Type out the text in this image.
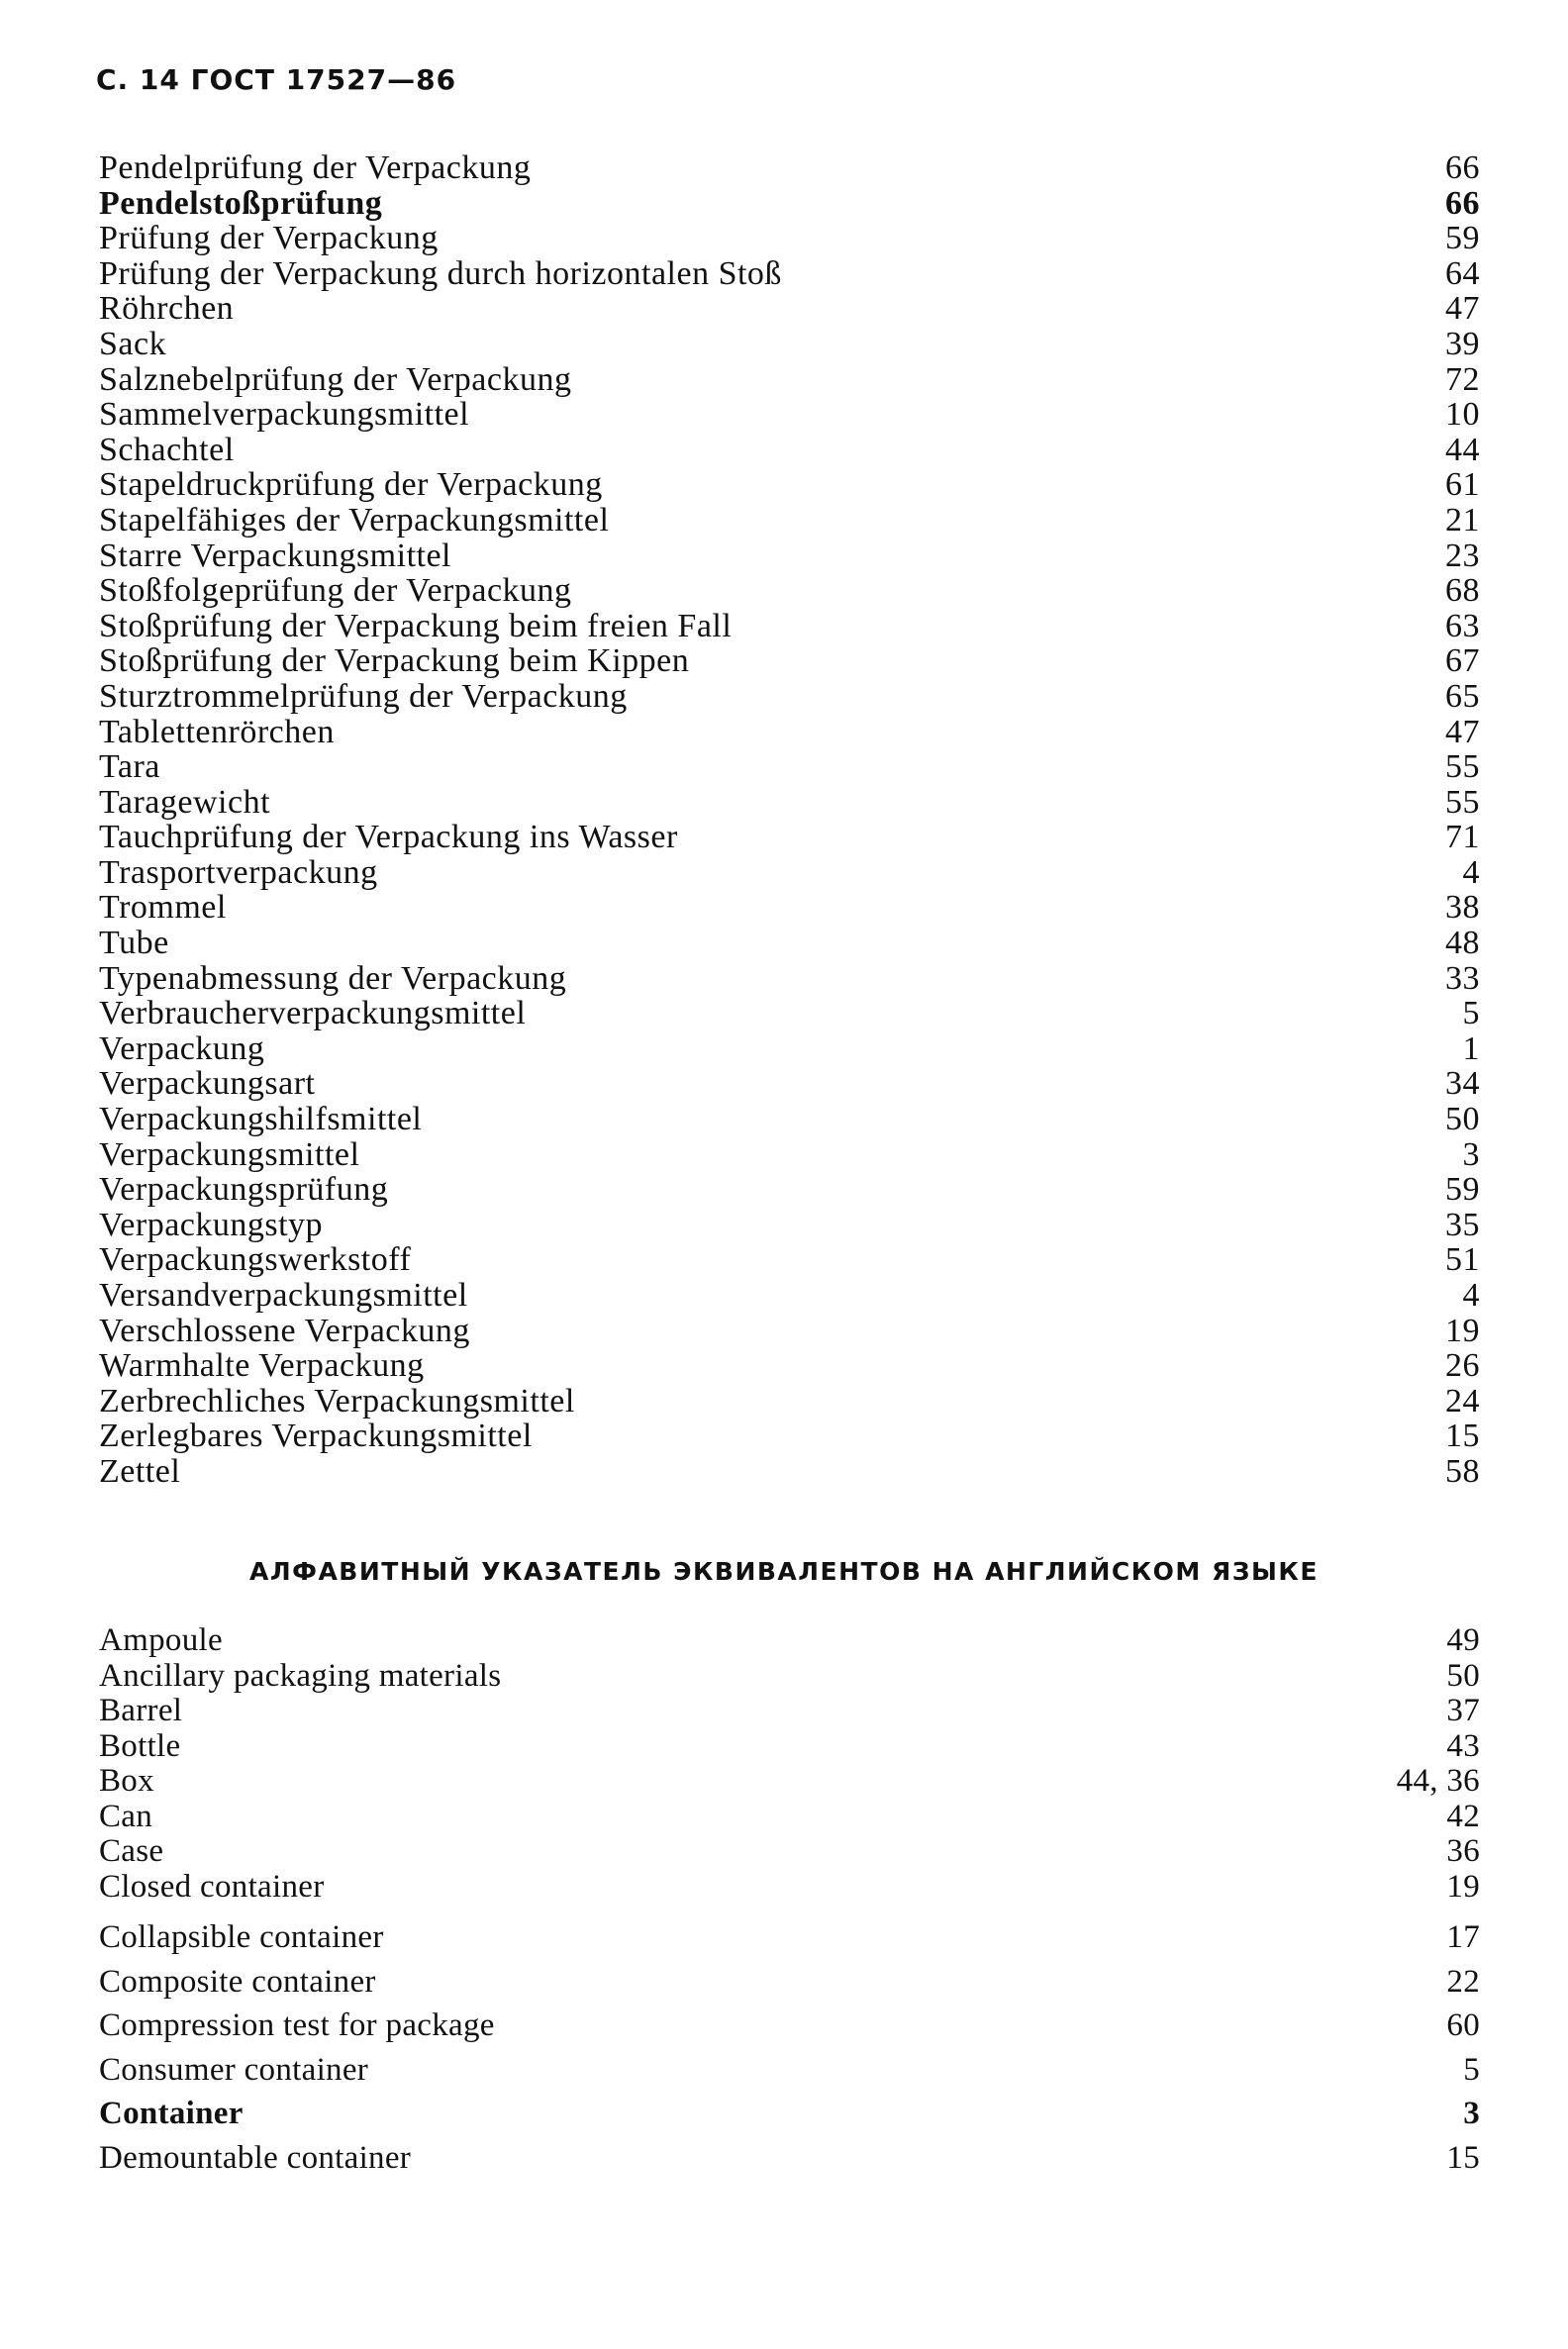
С. 14 ГОСТ 17527—86
Pendelprüfung der Verpackung	66
Pendelstoßprüfung	66
Prüfung der Verpackung	59
Prüfung der Verpackung durch horizontalen Stoß	64
Röhrchen	47
Sack	39
Salznebelprüfung der Verpackung	72
Sammelverpackungsmittel	10
Schachtel	44
Stapeldruckprüfung der Verpackung	61
Stapelfähiges der Verpackungsmittel	21
Starre Verpackungsmittel	23
Stoßfolgeprüfung der Verpackung	68
Stoßprüfung der Verpackung beim freien Fall	63
Stoßprüfung der Verpackung beim Kippen	67
Sturztrommelprüfung der Verpackung	65
Tablettenrörchen	47
Tara	55
Taragewicht	55
Tauchprüfung der Verpackung ins Wasser	71
Trasportverpackung	4
Trommel	38
Tube	48
Typenabmessung der Verpackung	33
Verbraucherverpackungsmittel	5
Verpackung	1
Verpackungsart	34
Verpackungshilfsmittel	50
Verpackungsmittel	3
Verpackungsprüfung	59
Verpackungstyp	35
Verpackungswerkstoff	51
Versandverpackungsmittel	4
Verschlossene Verpackung	19
Warmhalte Verpackung	26
Zerbrechliches Verpackungsmittel	24
Zerlegbares Verpackungsmittel	15
Zettel	58
АЛФАВИТНЫЙ УКАЗАТЕЛЬ ЭКВИВАЛЕНТОВ НА АНГЛИЙСКОМ ЯЗЫКЕ
Ampoule	49
Ancillary packaging materials	50
Barrel	37
Bottle	43
Box	44, 36
Can	42
Case	36
Closed container	19
Collapsible container	17
Composite container	22
Compression test for package	60
Consumer container	5
Container	3
Demountable container	15
